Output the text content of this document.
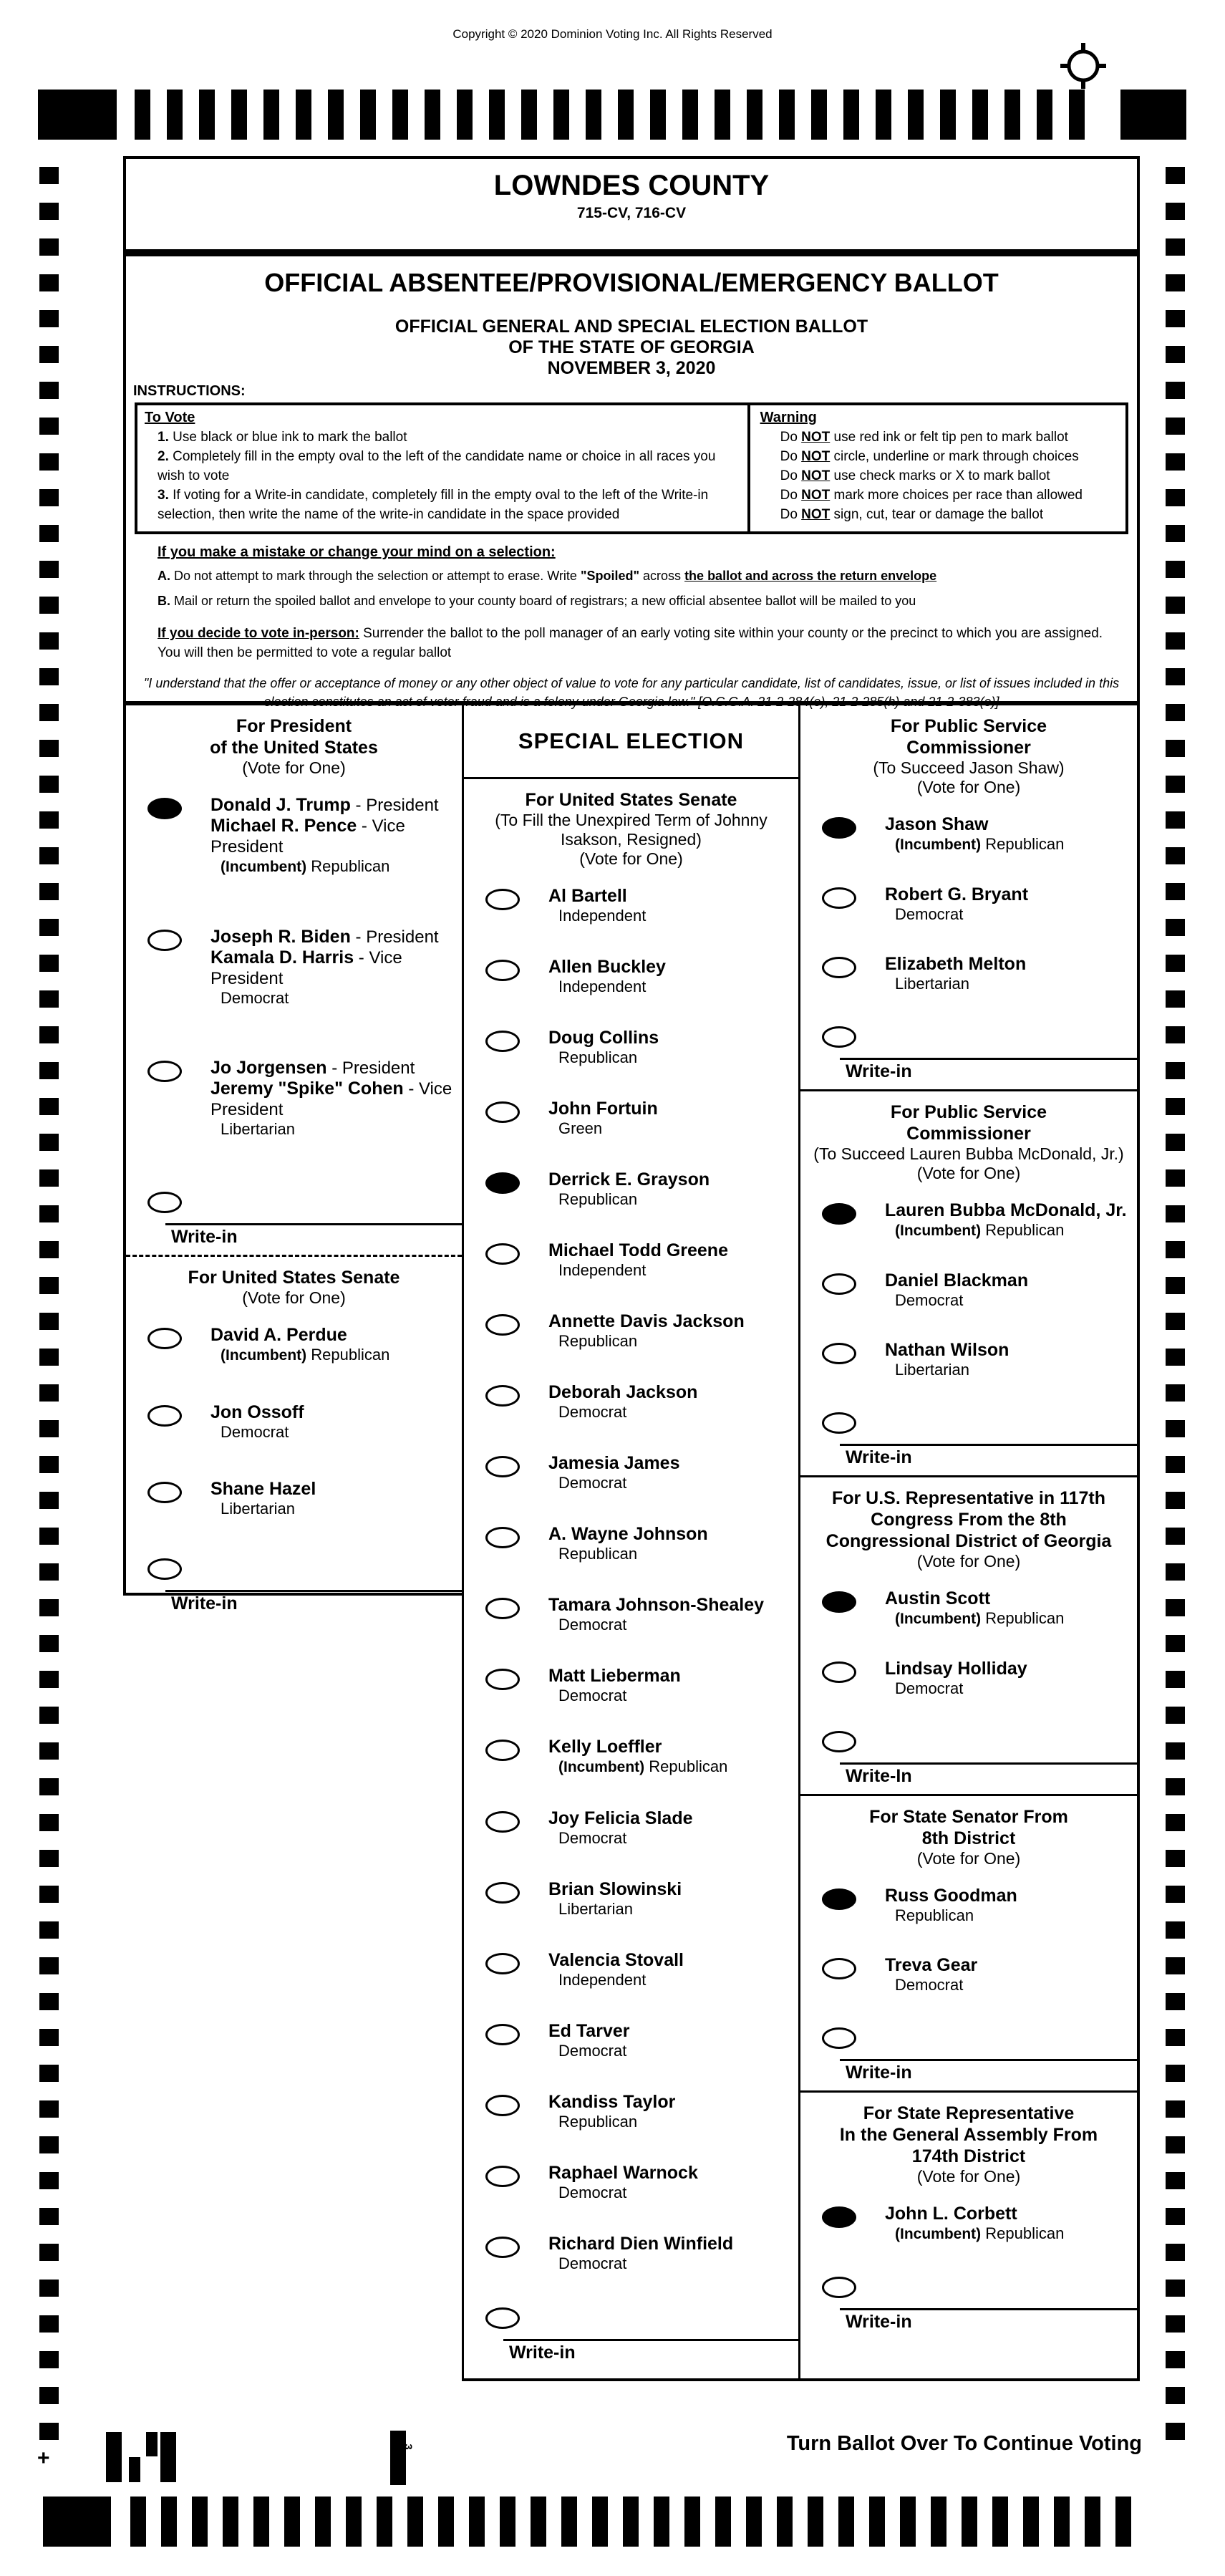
Copyright © 2020 Dominion Voting Inc. All Rights Reserved
LOWNDES COUNTY
715-CV, 716-CV
OFFICIAL ABSENTEE/PROVISIONAL/EMERGENCY BALLOT
OFFICIAL GENERAL AND SPECIAL ELECTION BALLOT
OF THE STATE OF GEORGIA
NOVEMBER 3, 2020
INSTRUCTIONS:
To Vote
1. Use black or blue ink to mark the ballot
2. Completely fill in the empty oval to the left of the candidate name or choice in all races you wish to vote
3. If voting for a Write-in candidate, completely fill in the empty oval to the left of the Write-in selection, then write the name of the write-in candidate in the space provided
Warning
Do NOT use red ink or felt tip pen to mark ballot
Do NOT circle, underline or mark through choices
Do NOT use check marks or X to mark ballot
Do NOT mark more choices per race than allowed
Do NOT sign, cut, tear or damage the ballot
If you make a mistake or change your mind on a selection:
A. Do not attempt to mark through the selection or attempt to erase. Write "Spoiled" across the ballot and across the return envelope
B. Mail or return the spoiled ballot and envelope to your county board of registrars; a new official absentee ballot will be mailed to you
If you decide to vote in-person: Surrender the ballot to the poll manager of an early voting site within your county or the precinct to which you are assigned. You will then be permitted to vote a regular ballot
"I understand that the offer or acceptance of money or any other object of value to vote for any particular candidate, list of candidates, issue, or list of issues included in this election constitutes an act of voter fraud and is a felony under Georgia law." [O.C.G.A. 21-2-284(e), 21-2-285(h) and 21-2-383(e)]
For President
of the United States
(Vote for One)
Donald J. Trump - President
Michael R. Pence - Vice President
(Incumbent) Republican
Joseph R. Biden - President
Kamala D. Harris - Vice President
Democrat
Jo Jorgensen - President
Jeremy "Spike" Cohen - Vice President
Libertarian
Write-in
For United States Senate
(Vote for One)
David A. Perdue
(Incumbent) Republican
Jon Ossoff
Democrat
Shane Hazel
Libertarian
Write-in
SPECIAL ELECTION
For United States Senate
(To Fill the Unexpired Term of Johnny
Isakson, Resigned)
(Vote for One)
Al Bartell
Independent
Allen Buckley
Independent
Doug Collins
Republican
John Fortuin
Green
Derrick E. Grayson
Republican
Michael Todd Greene
Independent
Annette Davis Jackson
Republican
Deborah Jackson
Democrat
Jamesia James
Democrat
A. Wayne Johnson
Republican
Tamara Johnson-Shealey
Democrat
Matt Lieberman
Democrat
Kelly Loeffler
(Incumbent) Republican
Joy Felicia Slade
Democrat
Brian Slowinski
Libertarian
Valencia Stovall
Independent
Ed Tarver
Democrat
Kandiss Taylor
Republican
Raphael Warnock
Democrat
Richard Dien Winfield
Democrat
Write-in
For Public Service
Commissioner
(To Succeed Jason Shaw)
(Vote for One)
Jason Shaw
(Incumbent) Republican
Robert G. Bryant
Democrat
Elizabeth Melton
Libertarian
Write-in
For Public Service
Commissioner
(To Succeed Lauren Bubba McDonald, Jr.)
(Vote for One)
Lauren Bubba McDonald, Jr.
(Incumbent) Republican
Daniel Blackman
Democrat
Nathan Wilson
Libertarian
Write-in
For U.S. Representative in 117th
Congress From the 8th
Congressional District of Georgia
(Vote for One)
Austin Scott
(Incumbent) Republican
Lindsay Holliday
Democrat
Write-In
For State Senator From
8th District
(Vote for One)
Russ Goodman
Republican
Treva Gear
Democrat
Write-in
For State Representative
In the General Assembly From
174th District
(Vote for One)
John L. Corbett
(Incumbent) Republican
Write-in
3
+
Turn Ballot Over To Continue Voting
